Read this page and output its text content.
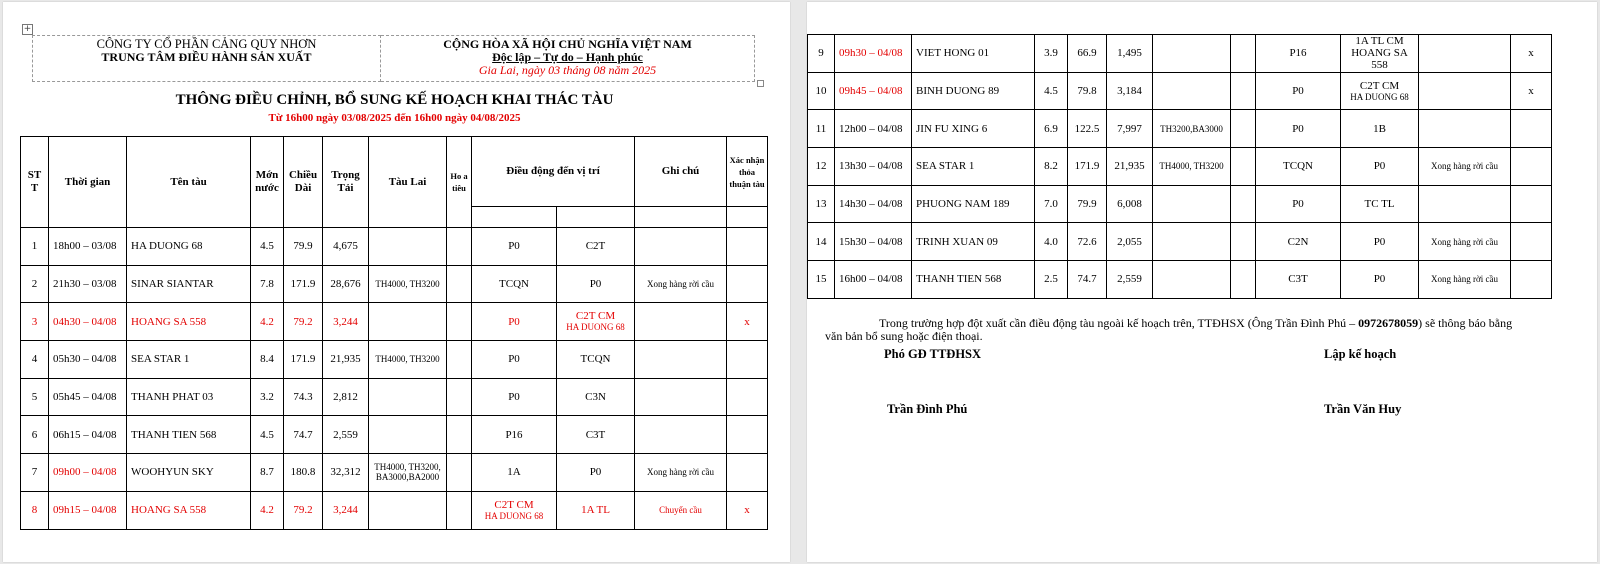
+
CÔNG TY CỔ PHẦN CẢNG QUY NHƠN
TRUNG TÂM ĐIỀU HÀNH SẢN XUẤT

CỘNG HÒA XÃ HỘI CHỦ NGHĨA VIỆT NAM
Độc lập – Tự do – Hạnh phúc
Gia Lai, ngày 03 tháng 08 năm 2025
THÔNG ĐIỀU CHỈNH, BỔ SUNG KẾ HOẠCH KHAI THÁC TÀU
Từ 16h00 ngày 03/08/2025 đến 16h00 ngày 04/08/2025
ST T	Thời gian	Tên tàu	Mớn nước	Chiều Dài	Trọng Tải	Tàu Lai	Ho a tiêu	Điều động đến vị trí		Ghi chú	Xác nhận thỏa thuận tàu

1	18h00 – 03/08	HA DUONG 68	4.5	79.9	4,675			P0	C2T		

2	21h30 – 03/08	SINAR SIANTAR	7.8	171.9	28,676	TH4000, TH3200		TCQN	P0	Xong hàng rời cầu	
3	04h30 – 04/08	HOANG SA 558	4.2	79.2	3,244			P0	C2T CM
HA DUONG 68		x
4	05h30 – 04/08	SEA STAR 1	8.4	171.9	21,935	TH4000, TH3200		P0	TCQN		

5	05h45 – 04/08	THANH PHAT 03	3.2	74.3	2,812			P0	C3N		

6	06h15 – 04/08	THANH TIEN 568	4.5	74.7	2,559			P16	C3T		

7	09h00 – 04/08	WOOHYUN SKY	8.7	180.8	32,312	TH4000, TH3200, BA3000,BA2000		1A	P0	Xong hàng rời cầu	
8	09h15 – 04/08	HOANG SA 558	4.2	79.2	3,244			C2T CM
HA DUONG 68	1A TL	Chuyển cầu	x
9	09h30 – 04/08	VIET HONG 01	3.9	66.9	1,495			P16	1A TL CM HOANG SA 558		x
10	09h45 – 04/08	BINH DUONG 89	4.5	79.8	3,184			P0	C2T CM
HA DUONG 68		x
11	12h00 – 04/08	JIN FU XING 6	6.9	122.5	7,997	TH3200,BA3000		P0	1B		

12	13h30 – 04/08	SEA STAR 1	8.2	171.9	21,935	TH4000, TH3200		TCQN	P0	Xong hàng rời cầu	
13	14h30 – 04/08	PHUONG NAM 189	7.0	79.9	6,008			P0	TC TL		

14	15h30 – 04/08	TRINH XUAN 09	4.0	72.6	2,055			C2N	P0	Xong hàng rời cầu	
15	16h00 – 04/08	THANH TIEN 568	2.5	74.7	2,559			C3T	P0	Xong hàng rời cầu	
Trong trường hợp đột xuất cần điều động tàu ngoài kế hoạch trên, TTĐHSX (Ông Trần Đình Phú – 0972678059) sẽ thông báo bằng văn bản bổ sung hoặc điện thoại.
Phó GĐ TTĐHSX	Lập kế hoạch
Trần Đình Phú	Trần Văn Huy
